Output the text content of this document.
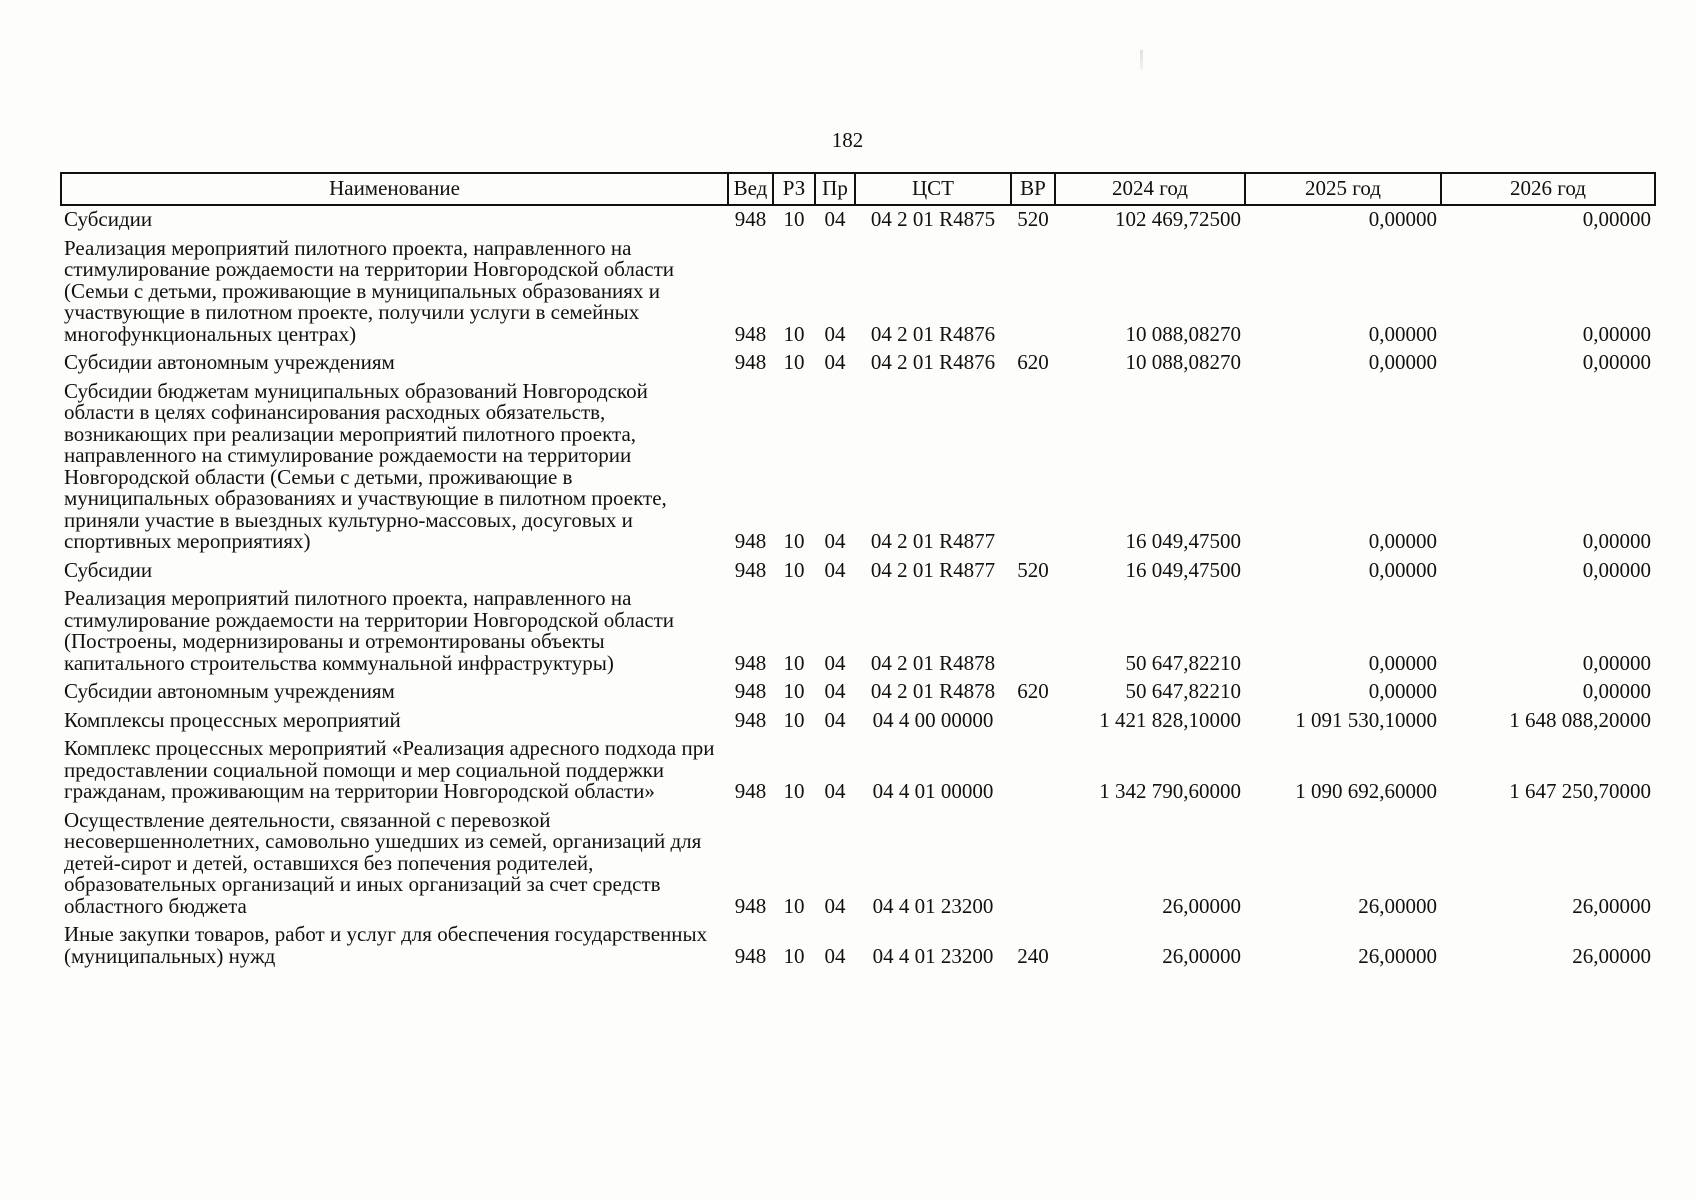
182
Наименование	Вед	РЗ	Пр	ЦСТ	ВР	2024 год	2025 год	2026 год
Субсидии	948	10	04	04 2 01 R4875	520	102 469,72500	0,00000	0,00000
Реализация мероприятий пилотного проекта, направленного на стимулирование рождаемости на территории Новгородской области (Семьи с детьми, проживающие в муниципальных образованиях и участвующие в пилотном проекте, получили услуги в семейных многофункциональных центрах)	948	10	04	04 2 01 R4876		10 088,08270	0,00000	0,00000
Субсидии автономным учреждениям	948	10	04	04 2 01 R4876	620	10 088,08270	0,00000	0,00000
Субсидии бюджетам муниципальных образований Новгородской области в целях софинансирования расходных обязательств, возникающих при реализации мероприятий пилотного проекта, направленного на стимулирование рождаемости на территории Новгородской области (Семьи с детьми, проживающие в муниципальных образованиях и участвующие в пилотном проекте, приняли участие в выездных культурно-массовых, досуговых и спортивных мероприятиях)	948	10	04	04 2 01 R4877		16 049,47500	0,00000	0,00000
Субсидии	948	10	04	04 2 01 R4877	520	16 049,47500	0,00000	0,00000
Реализация мероприятий пилотного проекта, направленного на стимулирование рождаемости на территории Новгородской области (Построены, модернизированы и отремонтированы объекты капитального строительства коммунальной инфраструктуры)	948	10	04	04 2 01 R4878		50 647,82210	0,00000	0,00000
Субсидии автономным учреждениям	948	10	04	04 2 01 R4878	620	50 647,82210	0,00000	0,00000
Комплексы процессных мероприятий	948	10	04	04 4 00 00000		1 421 828,10000	1 091 530,10000	1 648 088,20000
Комплекс процессных мероприятий «Реализация адресного подхода при предоставлении социальной помощи и мер социальной поддержки гражданам, проживающим на территории Новгородской области»	948	10	04	04 4 01 00000		1 342 790,60000	1 090 692,60000	1 647 250,70000
Осуществление деятельности, связанной с перевозкой несовершеннолетних, самовольно ушедших из семей, организаций для детей-сирот и детей, оставшихся без попечения родителей, образовательных организаций и иных организаций за счет средств областного бюджета	948	10	04	04 4 01 23200		26,00000	26,00000	26,00000
Иные закупки товаров, работ и услуг для обеспечения государственных (муниципальных) нужд	948	10	04	04 4 01 23200	240	26,00000	26,00000	26,00000
